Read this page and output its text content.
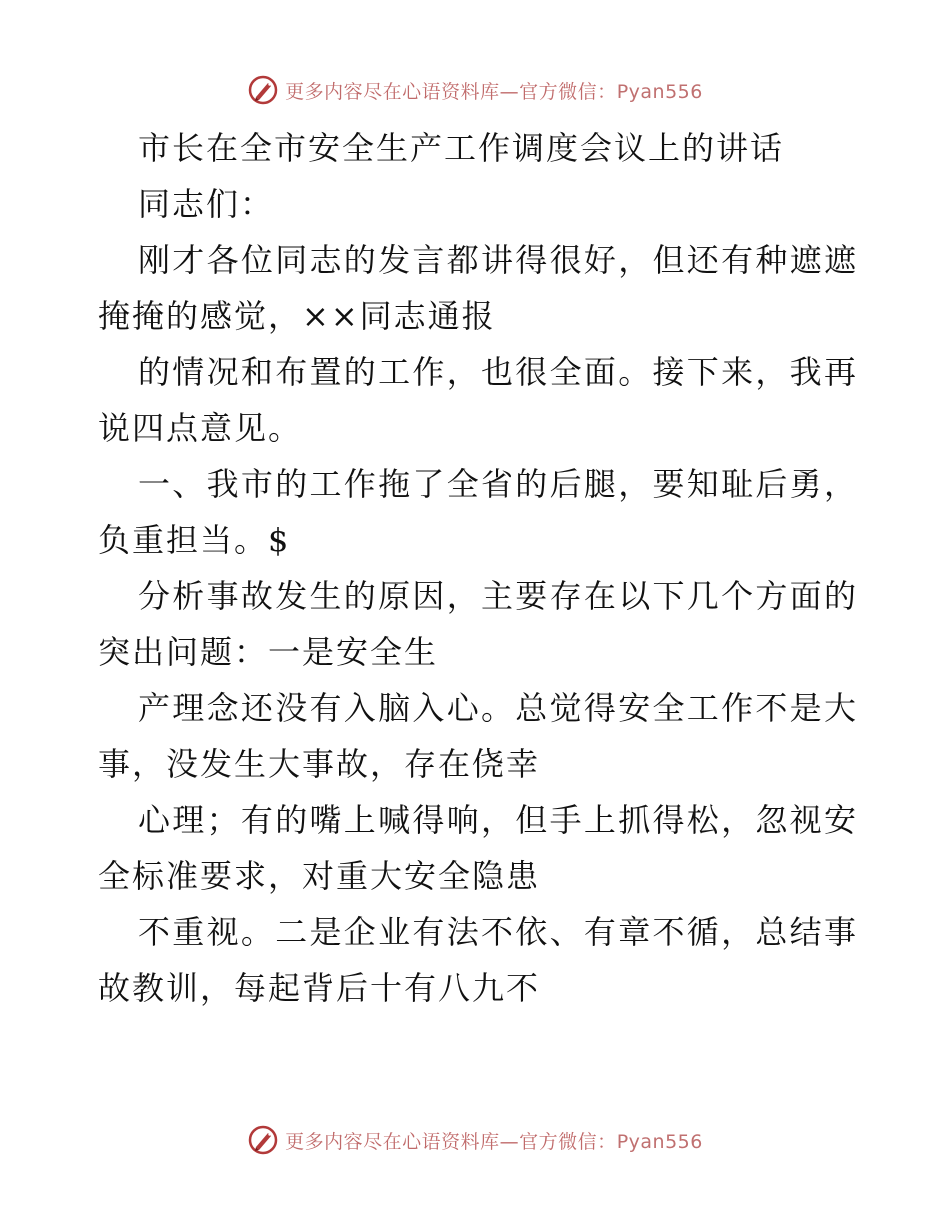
更多内容尽在心语资料库—官方微信：Pyan556

市长在全市安全生产工作调度会议上的讲话

同志们：

刚才各位同志的发言都讲得很好，但还有种遮遮掩掩的感觉，××同志通报

的情况和布置的工作，也很全面。接下来，我再说四点意见。

一、我市的工作拖了全省的后腿，要知耻后勇，负重担当。$

分析事故发生的原因，主要存在以下几个方面的突出问题：一是安全生

产理念还没有入脑入心。总觉得安全工作不是大事，没发生大事故，存在侥幸

心理；有的嘴上喊得响，但手上抓得松，忽视安全标准要求，对重大安全隐患

不重视。二是企业有法不依、有章不循，总结事故教训，每起背后十有八九不

更多内容尽在心语资料库—官方微信：Pyan556
